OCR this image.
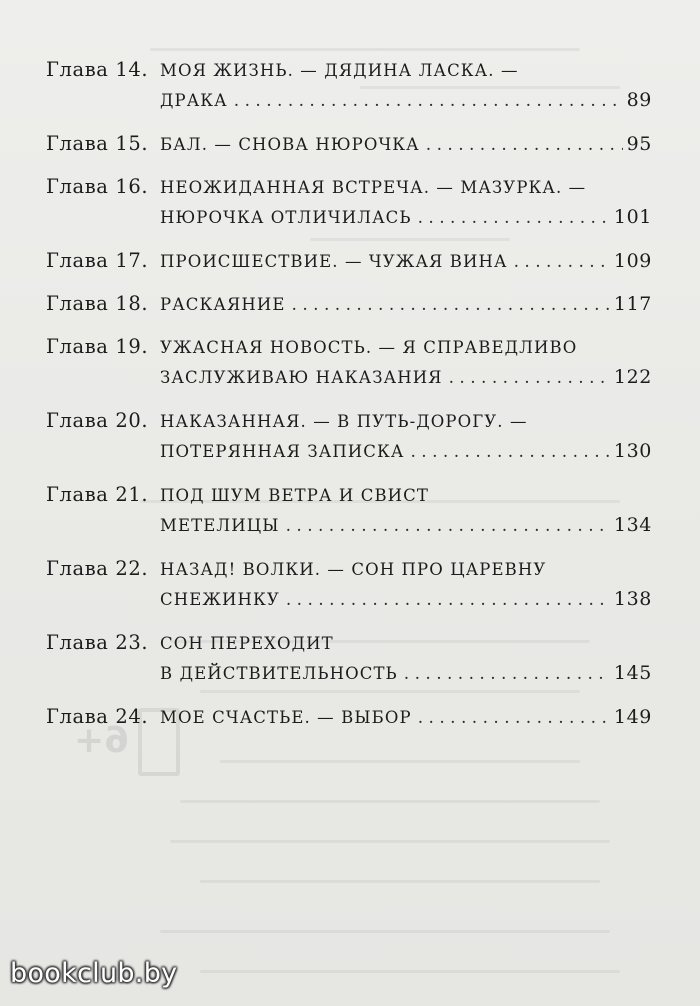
6+
Глава 14. МОЯ ЖИЗНЬ. — ДЯДИНА ЛАСКА. —
ДРАКА . . .	89
Глава 15. БАЛ. — СНОВА НЮРОЧКА . . .	95
Глава 16. НЕОЖИДАННАЯ ВСТРЕЧА. — МАЗУРКА. —
НЮРОЧКА ОТЛИЧИЛАСЬ . . .	101
Глава 17. ПРОИСШЕСТВИЕ. — ЧУЖАЯ ВИНА . . .	109
Глава 18. РАСКАЯНИЕ . . .	117
Глава 19. УЖАСНАЯ НОВОСТЬ. — Я СПРАВЕДЛИВО
ЗАСЛУЖИВАЮ НАКАЗАНИЯ . . .	122
Глава 20. НАКАЗАННАЯ. — В ПУТЬ-ДОРОГУ. —
ПОТЕРЯННАЯ ЗАПИСКА . . .	130
Глава 21. ПОД ШУМ ВЕТРА И СВИСТ
МЕТЕЛИЦЫ . . .	134
Глава 22. НАЗАД! ВОЛКИ. — СОН ПРО ЦАРЕВНУ
СНЕЖИНКУ . . .	138
Глава 23. СОН ПЕРЕХОДИТ
В ДЕЙСТВИТЕЛЬНОСТЬ . . .	145
Глава 24. МОЕ СЧАСТЬЕ. — ВЫБОР . . .	149
bookclub.by
